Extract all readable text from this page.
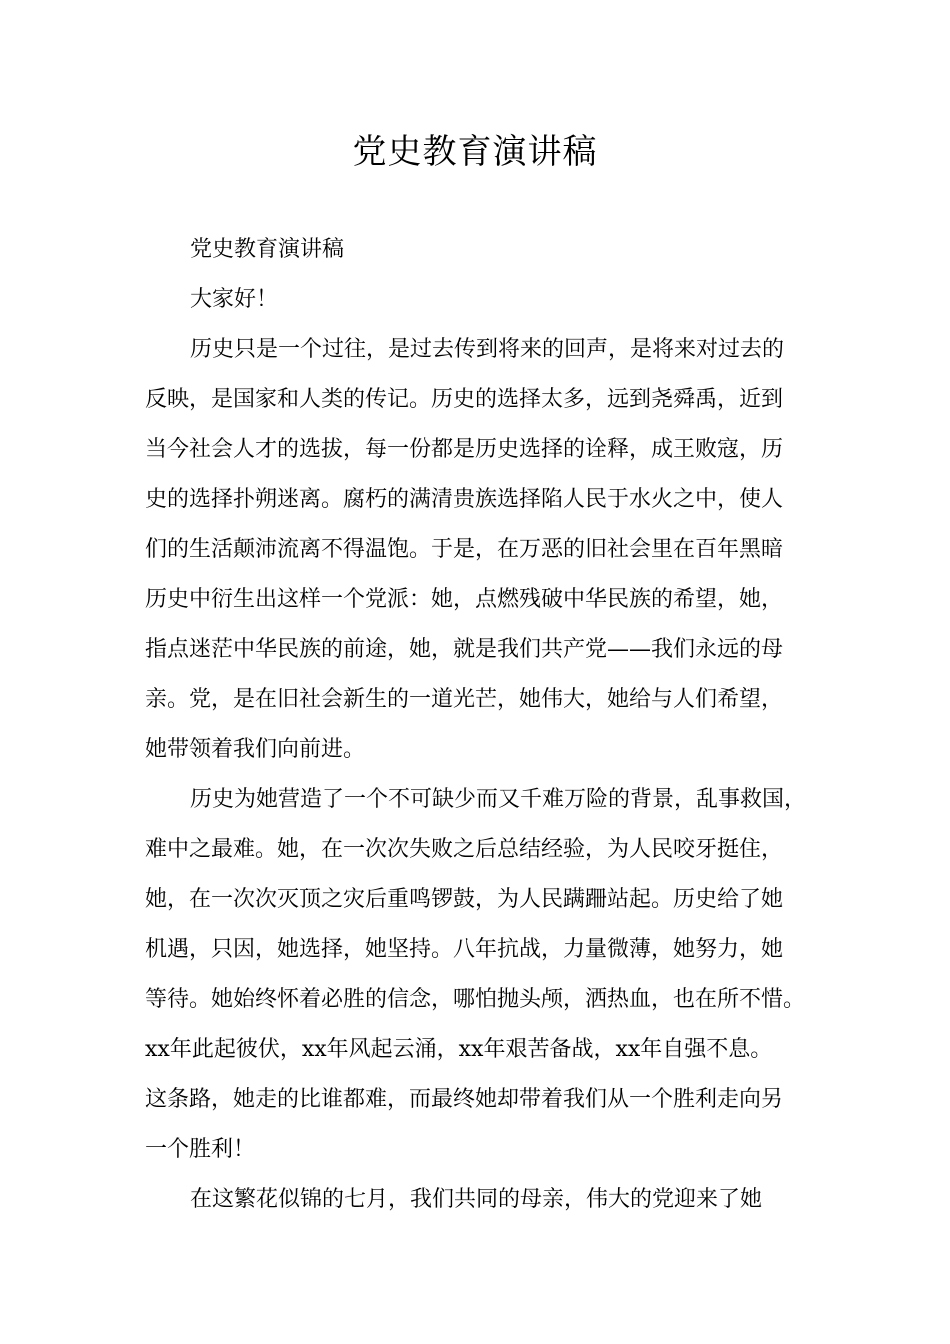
党史教育演讲稿

党史教育演讲稿

大家好！

历史只是一个过往，是过去传到将来的回声，是将来对过去的

反映，是国家和人类的传记。历史的选择太多，远到尧舜禹，近到

当今社会人才的选拔，每一份都是历史选择的诠释，成王败寇，历

史的选择扑朔迷离。腐朽的满清贵族选择陷人民于水火之中，使人

们的生活颠沛流离不得温饱。于是，在万恶的旧社会里在百年黑暗

历史中衍生出这样一个党派：她，点燃残破中华民族的希望，她，

指点迷茫中华民族的前途，她，就是我们共产党——我们永远的母

亲。党，是在旧社会新生的一道光芒，她伟大，她给与人们希望，

她带领着我们向前进。

历史为她营造了一个不可缺少而又千难万险的背景，乱事救国，

难中之最难。她，在一次次失败之后总结经验，为人民咬牙挺住，

她，在一次次灭顶之灾后重鸣锣鼓，为人民蹒跚站起。历史给了她

机遇，只因，她选择，她坚持。八年抗战，力量微薄，她努力，她

等待。她始终怀着必胜的信念，哪怕抛头颅，洒热血，也在所不惜。

xx年此起彼伏，xx年风起云涌，xx年艰苦备战，xx年自强不息。

这条路，她走的比谁都难，而最终她却带着我们从一个胜利走向另

一个胜利！

在这繁花似锦的七月，我们共同的母亲，伟大的党迎来了她
